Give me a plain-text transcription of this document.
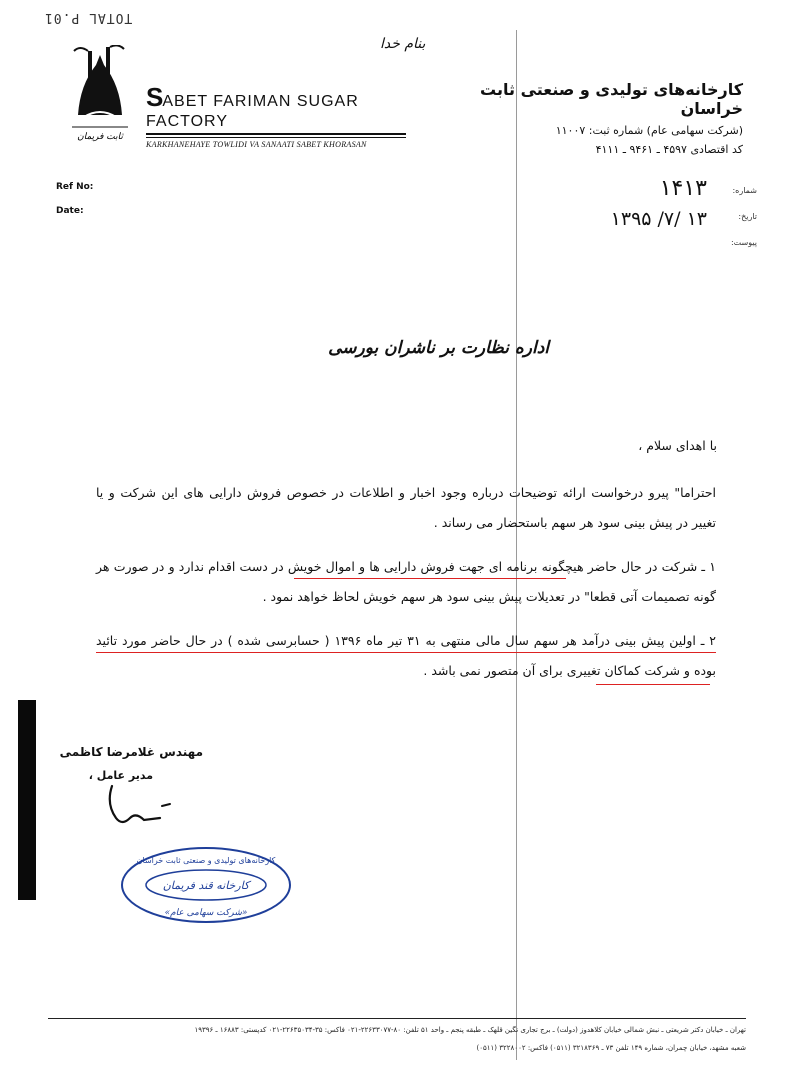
TOTAL P.01
بنام خدا
ثابت فریمان
SABET FARIMAN SUGAR FACTORY
KARKHANEHAYE TOWLIDI VA SANAATI SABET KHORASAN
کارخانه‌های تولیدی و صنعتی ثابت خراسان
(شرکت سهامی عام) شماره ثبت: ۱۱۰۰۷
کد اقتصادی ۴۵۹۷ ـ ۹۴۶۱ ـ ۴۱۱۱
Ref No:
Date:
شماره:
تاریخ:
پیوست:
۱۴۱۳
۱۳۹۵ /۷/ ۱۳
اداره نظارت بر ناشران بورسی
با اهدای سلام ،
احتراما" پیرو درخواست ارائه توضیحات درباره وجود اخبار و اطلاعات در خصوص فروش دارایی های این شرکت و یا تغییر در پیش بینی سود هر سهم باستحضار می رساند .
۱ ـ شرکت در حال حاضر هیچگونه برنامه ای جهت فروش دارایی ها و اموال خویش در دست اقدام ندارد و در صورت هر گونه تصمیمات آتی قطعا" در تعدیلات پیش بینی سود هر سهم خویش لحاظ خواهد نمود .
۲ ـ اولین پیش بینی درآمد هر سهم سال مالی منتهی به ۳۱ تیر ماه ۱۳۹۶ ( حسابرسی شده ) در حال حاضر مورد تائید بوده و شرکت کماکان تغییری برای آن متصور نمی باشد .
مهندس غلامرضا کاظمی
مدیر عامل ،
کارخانه‌های تولیدی و صنعتی ثابت خراسان
کارخانه قند فریمان
«شرکت سهامی عام»
تهران ـ خیابان دکتر شریعتی ـ نبش شمالی خیابان کلاهدوز (دولت) ـ برج تجاری نگین قلهک ـ طبقه پنجم ـ واحد ۵۱ تلفن: ۸۰-۲۲۶۳۳۰۷۷-۰۲۱ فاکس: ۳۵-۲۲۶۳۵۰۳۴-۰۲۱ کدپستی: ۱۶۸۸۳ ـ ۱۹۳۹۶
شعبه مشهد، خیابان چمران، شماره ۱۴۹ تلفن ۷۳ ـ ۳۲۱۸۳۶۹ (۰۵۱۱) فاکس: ۳۲۲۸۰۰۲ (۰۵۱۱)
